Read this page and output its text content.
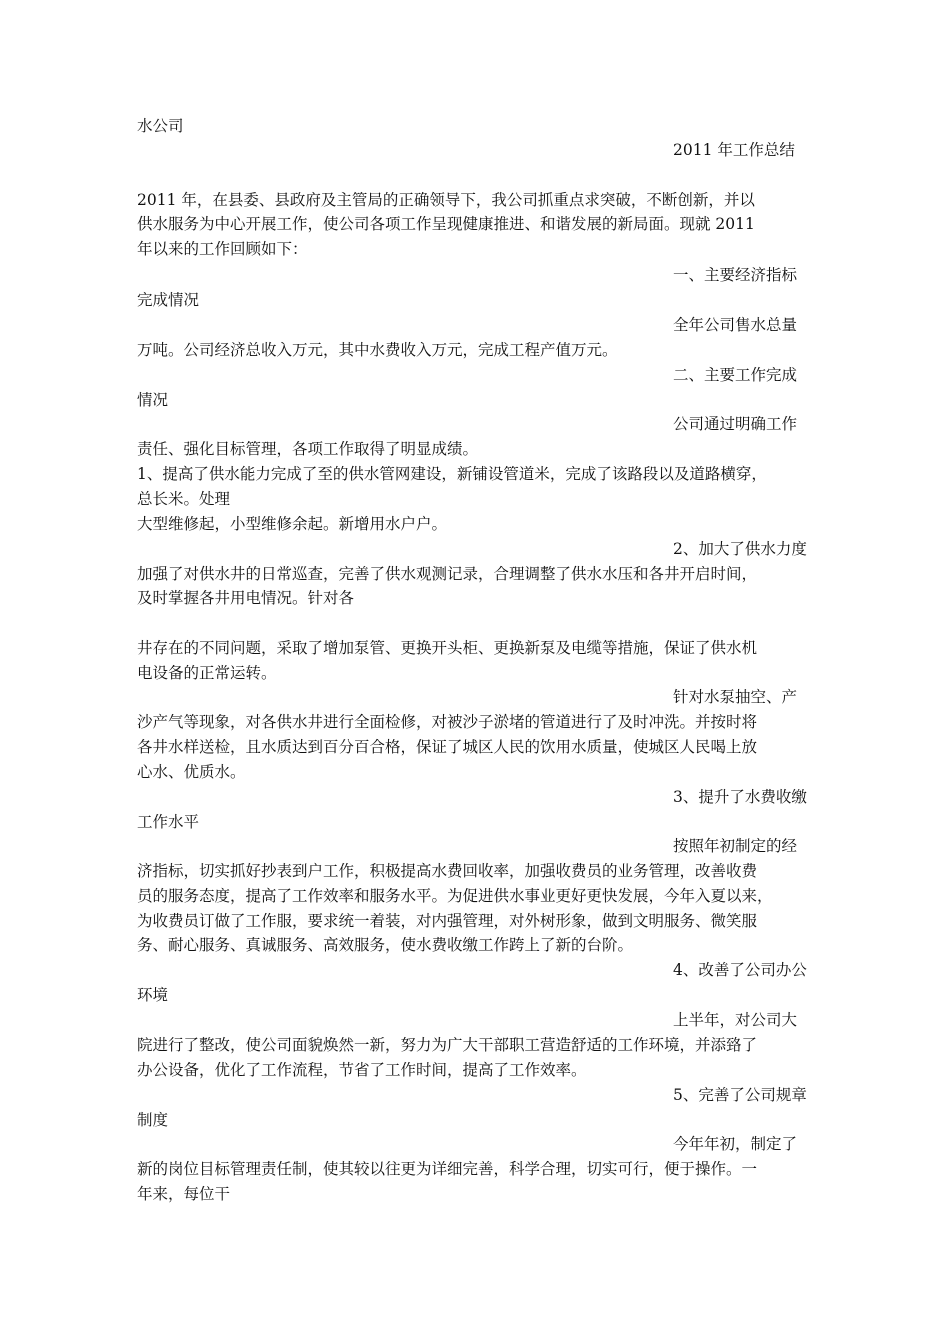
水公司
2011 年工作总结
2011 年，在县委、县政府及主管局的正确领导下，我公司抓重点求突破，不断创新，并以
供水服务为中心开展工作，使公司各项工作呈现健康推进、和谐发展的新局面。现就 2011
年以来的工作回顾如下：
一、主要经济指标
完成情况
全年公司售水总量
万吨。公司经济总收入万元，其中水费收入万元，完成工程产值万元。
二、主要工作完成
情况
公司通过明确工作
责任、强化目标管理，各项工作取得了明显成绩。
1、提高了供水能力完成了至的供水管网建设，新铺设管道米，完成了该路段以及道路横穿，
总长米。处理
大型维修起，小型维修余起。新增用水户户。
2、加大了供水力度
加强了对供水井的日常巡查，完善了供水观测记录，合理调整了供水水压和各井开启时间，
及时掌握各井用电情况。针对各
井存在的不同问题，采取了增加泵管、更换开头柜、更换新泵及电缆等措施，保证了供水机
电设备的正常运转。
针对水泵抽空、产
沙产气等现象，对各供水井进行全面检修，对被沙子淤堵的管道进行了及时冲洗。并按时将
各井水样送检，且水质达到百分百合格，保证了城区人民的饮用水质量，使城区人民喝上放
心水、优质水。
3、提升了水费收缴
工作水平
按照年初制定的经
济指标，切实抓好抄表到户工作，积极提高水费回收率，加强收费员的业务管理，改善收费
员的服务态度，提高了工作效率和服务水平。为促进供水事业更好更快发展，今年入夏以来，
为收费员订做了工作服，要求统一着装，对内强管理，对外树形象，做到文明服务、微笑服
务、耐心服务、真诚服务、高效服务，使水费收缴工作跨上了新的台阶。
4、改善了公司办公
环境
上半年，对公司大
院进行了整改，使公司面貌焕然一新，努力为广大干部职工营造舒适的工作环境，并添臵了
办公设备，优化了工作流程，节省了工作时间，提高了工作效率。
5、完善了公司规章
制度
今年年初，制定了
新的岗位目标管理责任制，使其较以往更为详细完善，科学合理，切实可行，便于操作。一
年来，每位干
